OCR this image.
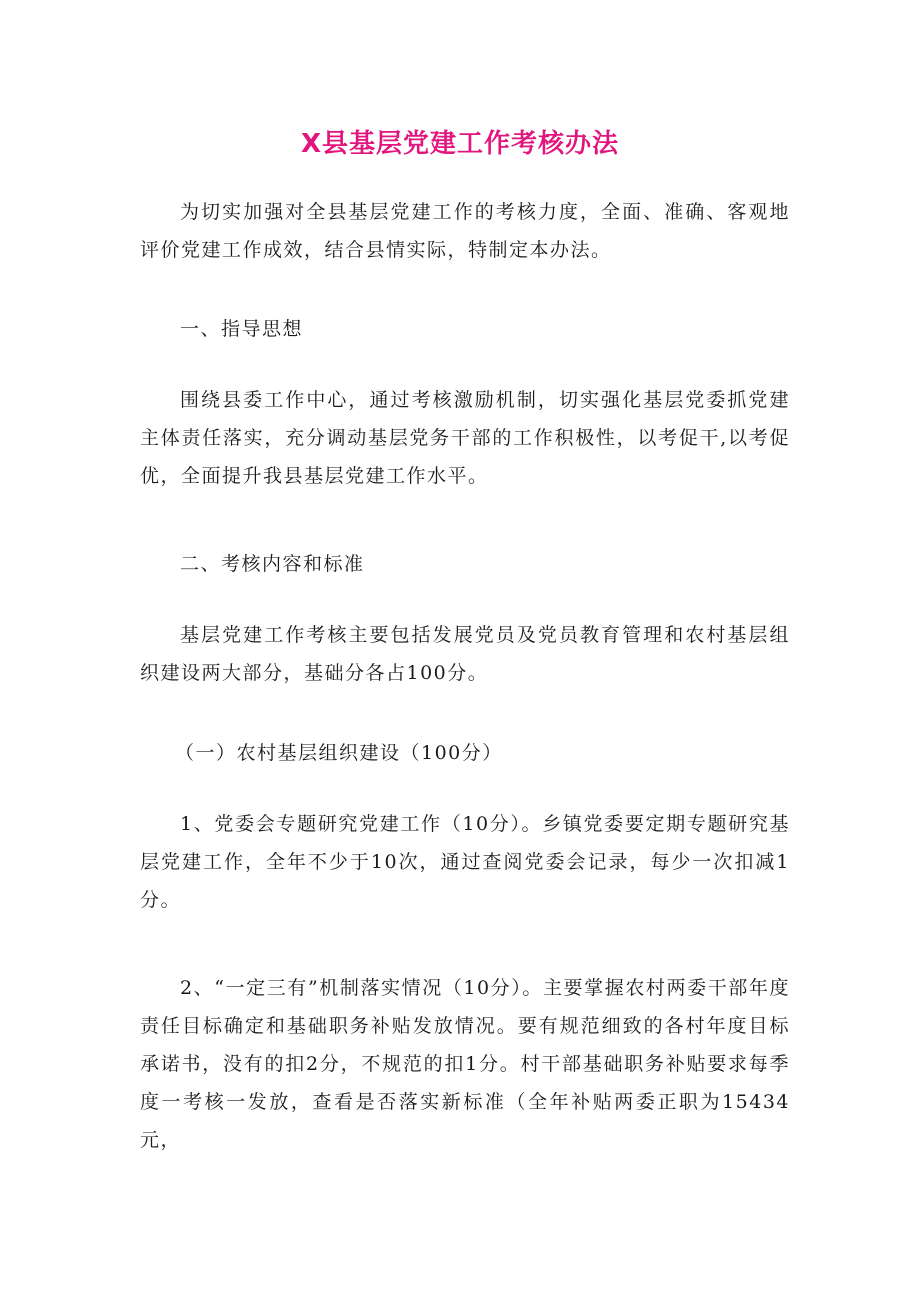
X县基层党建工作考核办法

为切实加强对全县基层党建工作的考核力度，全面、准确、客观地评价党建工作成效，结合县情实际，特制定本办法。

一、指导思想

围绕县委工作中心，通过考核激励机制，切实强化基层党委抓党建主体责任落实，充分调动基层党务干部的工作积极性，以考促干,以考促优，全面提升我县基层党建工作水平。

二、考核内容和标准

基层党建工作考核主要包括发展党员及党员教育管理和农村基层组织建设两大部分，基础分各占100分。

（一）农村基层组织建设（100分）

1、党委会专题研究党建工作（10分）。乡镇党委要定期专题研究基层党建工作，全年不少于10次，通过查阅党委会记录，每少一次扣减1分。

2、“一定三有”机制落实情况（10分）。主要掌握农村两委干部年度责任目标确定和基础职务补贴发放情况。要有规范细致的各村年度目标承诺书，没有的扣2分，不规范的扣1分。村干部基础职务补贴要求每季度一考核一发放，查看是否落实新标准（全年补贴两委正职为15434元，
